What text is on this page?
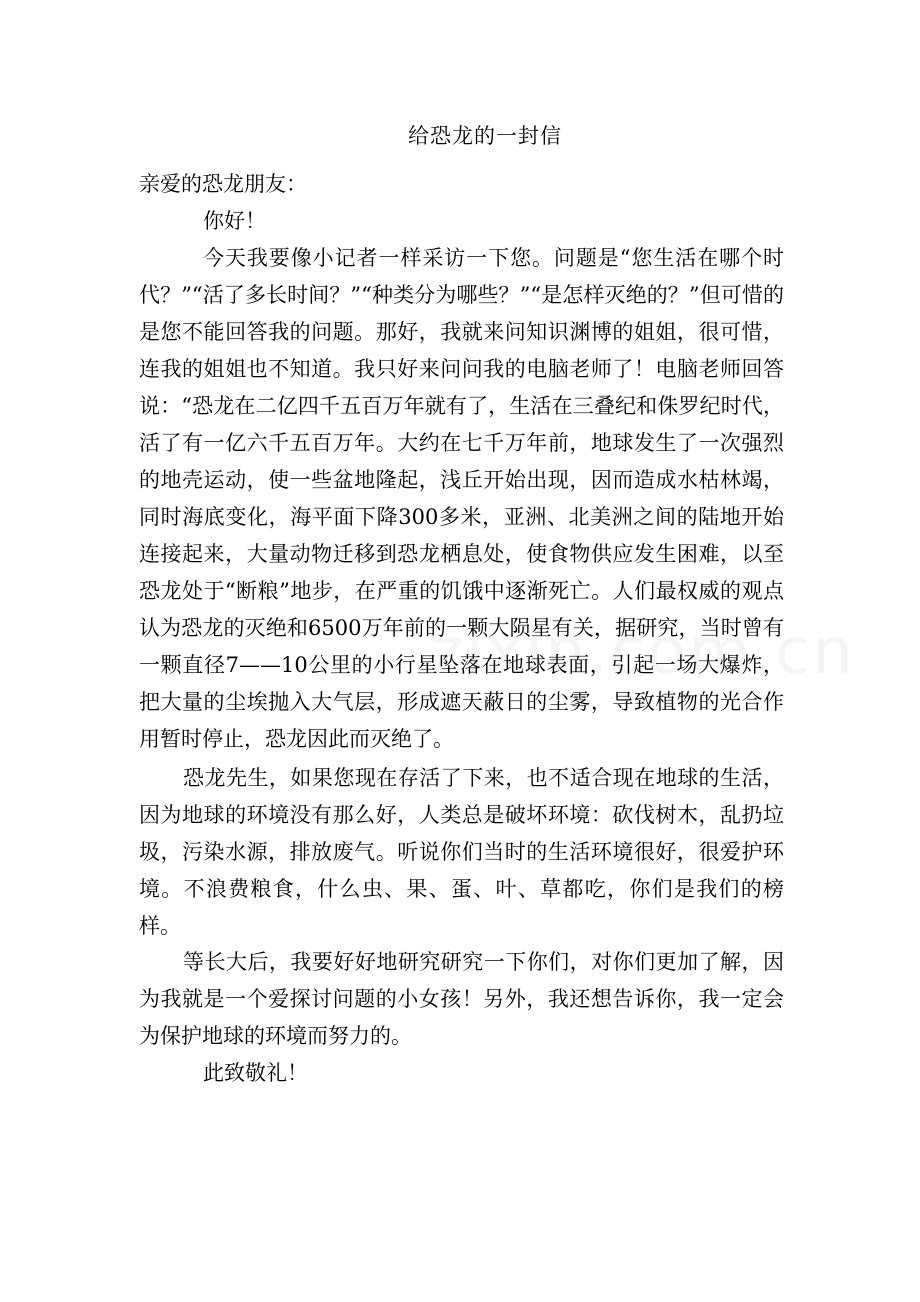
给恐龙的一封信
亲爱的恐龙朋友：
你好！
今天我要像小记者一样采访一下您。问题是“您生活在哪个时代？”“活了多长时间？”“种类分为哪些？”“是怎样灭绝的？”但可惜的是您不能回答我的问题。那好，我就来问知识渊博的姐姐，很可惜，连我的姐姐也不知道。我只好来问问我的电脑老师了！电脑老师回答说：“恐龙在二亿四千五百万年就有了，生活在三叠纪和侏罗纪时代，活了有一亿六千五百万年。大约在七千万年前，地球发生了一次强烈的地壳运动，使一些盆地隆起，浅丘开始出现，因而造成水枯林竭，同时海底变化，海平面下降300多米，亚洲、北美洲之间的陆地开始连接起来，大量动物迁移到恐龙栖息处，使食物供应发生困难，以至恐龙处于“断粮”地步，在严重的饥饿中逐渐死亡。人们最权威的观点认为恐龙的灭绝和6500万年前的一颗大陨星有关，据研究，当时曾有一颗直径7——10公里的小行星坠落在地球表面，引起一场大爆炸，把大量的尘埃抛入大气层，形成遮天蔽日的尘雾，导致植物的光合作用暂时停止，恐龙因此而灭绝了。
恐龙先生，如果您现在存活了下来，也不适合现在地球的生活，因为地球的环境没有那么好，人类总是破坏环境：砍伐树木，乱扔垃圾，污染水源，排放废气。听说你们当时的生活环境很好，很爱护环境。不浪费粮食，什么虫、果、蛋、叶、草都吃，你们是我们的榜样。
等长大后，我要好好地研究研究一下你们，对你们更加了解，因为我就是一个爱探讨问题的小女孩！另外，我还想告诉你，我一定会为保护地球的环境而努力的。
此致敬礼！
